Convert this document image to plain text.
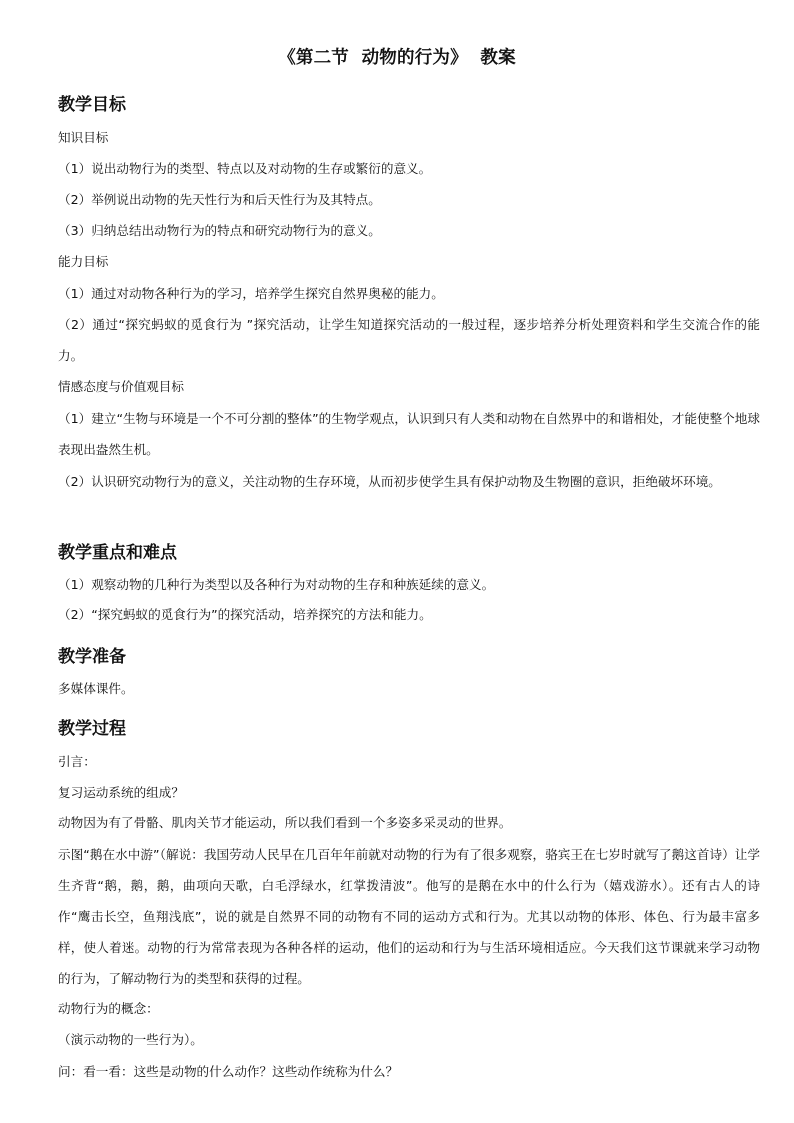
《第二节  动物的行为》  教案
教学目标
知识目标
（1）说出动物行为的类型、特点以及对动物的生存或繁衍的意义。
（2）举例说出动物的先天性行为和后天性行为及其特点。
（3）归纳总结出动物行为的特点和研究动物行为的意义。
能力目标
（1）通过对动物各种行为的学习，培养学生探究自然界奥秘的能力。
（2）通过“探究蚂蚁的觅食行为 ”探究活动，让学生知道探究活动的一般过程，逐步培养分析处理资料和学生交流合作的能力。
情感态度与价值观目标
（1）建立“生物与环境是一个不可分割的整体”的生物学观点，认识到只有人类和动物在自然界中的和谐相处，才能使整个地球表现出盎然生机。
（2）认识研究动物行为的意义，关注动物的生存环境，从而初步使学生具有保护动物及生物圈的意识，拒绝破坏环境。
教学重点和难点
（1）观察动物的几种行为类型以及各种行为对动物的生存和种族延续的意义。
（2）“探究蚂蚁的觅食行为”的探究活动，培养探究的方法和能力。
教学准备
多媒体课件。
教学过程
引言：
复习运动系统的组成？
动物因为有了骨骼、肌肉关节才能运动，所以我们看到一个多姿多采灵动的世界。
示图“鹅在水中游”（解说：我国劳动人民早在几百年年前就对动物的行为有了很多观察，骆宾王在七岁时就写了鹅这首诗）让学生齐背“鹅，鹅，鹅，曲项向天歌，白毛浮绿水，红掌拨清波”。他写的是鹅在水中的什么行为（嬉戏游水）。还有古人的诗作“鹰击长空，鱼翔浅底”，说的就是自然界不同的动物有不同的运动方式和行为。尤其以动物的体形、体色、行为最丰富多样，使人着迷。动物的行为常常表现为各种各样的运动，他们的运动和行为与生活环境相适应。今天我们这节课就来学习动物的行为，了解动物行为的类型和获得的过程。
动物行为的概念：
（演示动物的一些行为）。
问：看一看：这些是动物的什么动作？这些动作统称为什么？
